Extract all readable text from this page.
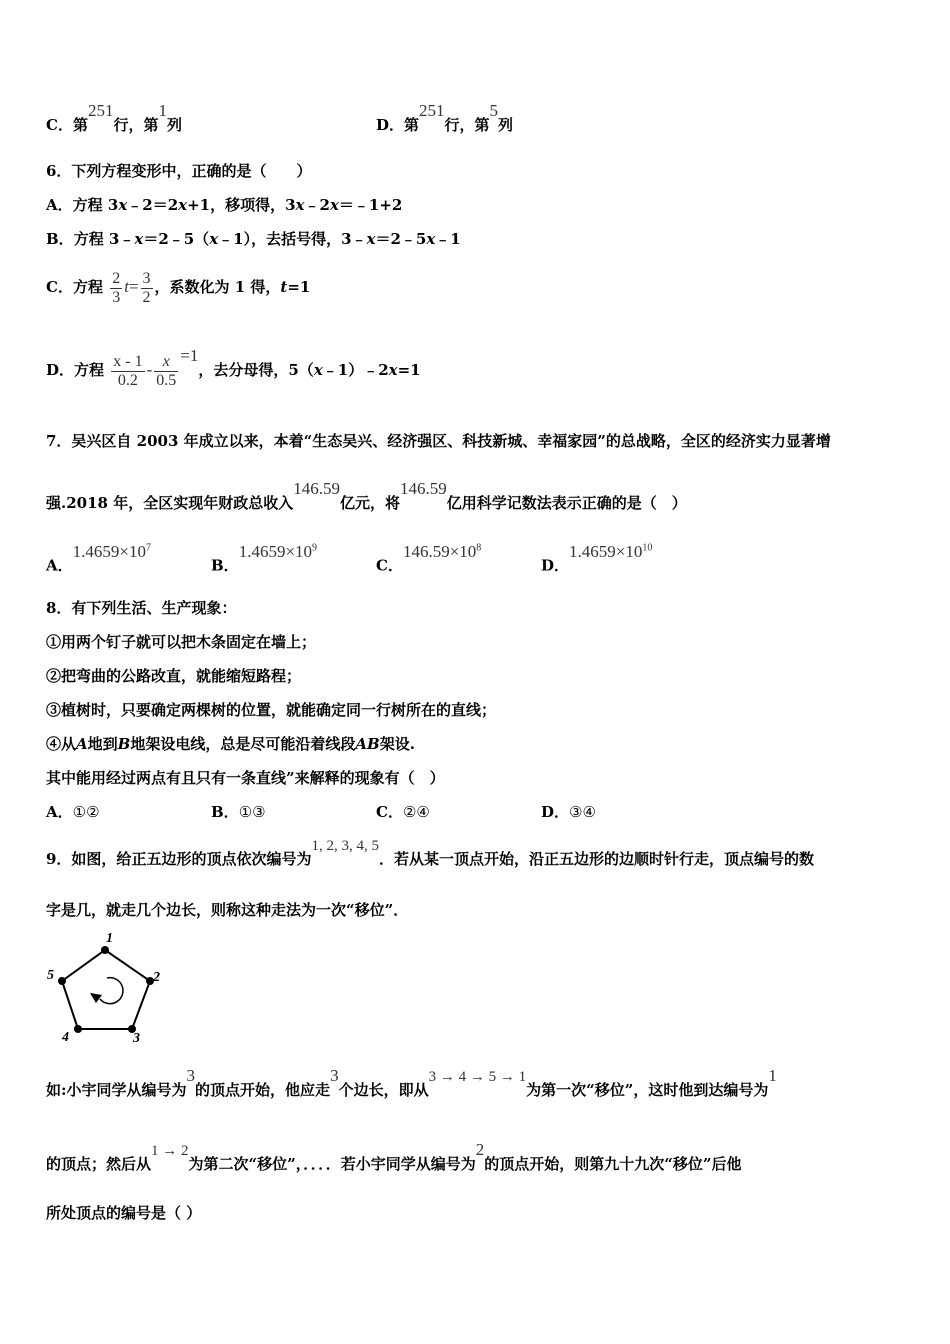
C．第251行，第1列	D．第251行，第5列
6．下列方程变形中，正确的是（　　）
A．方程 3x﹣2＝2x+1，移项得，3x﹣2x＝﹣1+2
B．方程 3﹣x＝2﹣5（x﹣1），去括号得，3﹣x＝2﹣5x﹣1
C．方程 $\frac{2}{3} t= \frac{3}{2}$ ，系数化为 1 得，t=1
D．方程 $\frac{x - 1}{0.2} - \frac{x}{0.5} =1$，去分母得，5（x﹣1）﹣2x=1
7．吴兴区自 2003 年成立以来，本着“生态吴兴、经济强区、科技新城、幸福家园”的总战略，全区的经济实力显著增
强.2018 年，全区实现年财政总收入146.59亿元，将146.59亿用科学记数法表示正确的是（　）
A．$1.4659\times 10^7$
B．$1.4659\times 10^9$
C．$146.59\times 10^8$
D．$1.4659\times 10^{10}$
8．有下列生活、生产现象：
①用两个钉子就可以把木条固定在墙上；
②把弯曲的公路改直，就能缩短路程；
③植树时，只要确定两棵树的位置，就能确定同一行树所在的直线；
④从A地到B地架设电线，总是尽可能沿着线段AB架设.
其中能用经过两点有且只有一条直线”来解释的现象有（　）
A．①②	B．①③	C．②④	D．③④
9．如图，给正五边形的顶点依次编号为1, 2, 3, 4, 5．若从某一顶点开始，沿正五边形的边顺时针行走，顶点编号的数
字是几，就走几个边长，则称这种走法为一次“移位”．
1
2
3
4
5
如:小宇同学从编号为3的顶点开始，他应走3个边长，即从3 → 4 → 5 → 1为第一次“移位”，这时他到达编号为1
的顶点；然后从1 → 2为第二次“移位”，．．．．若小宇同学从编号为2的顶点开始，则第九十九次“移位”后他
所处顶点的编号是（ ）
